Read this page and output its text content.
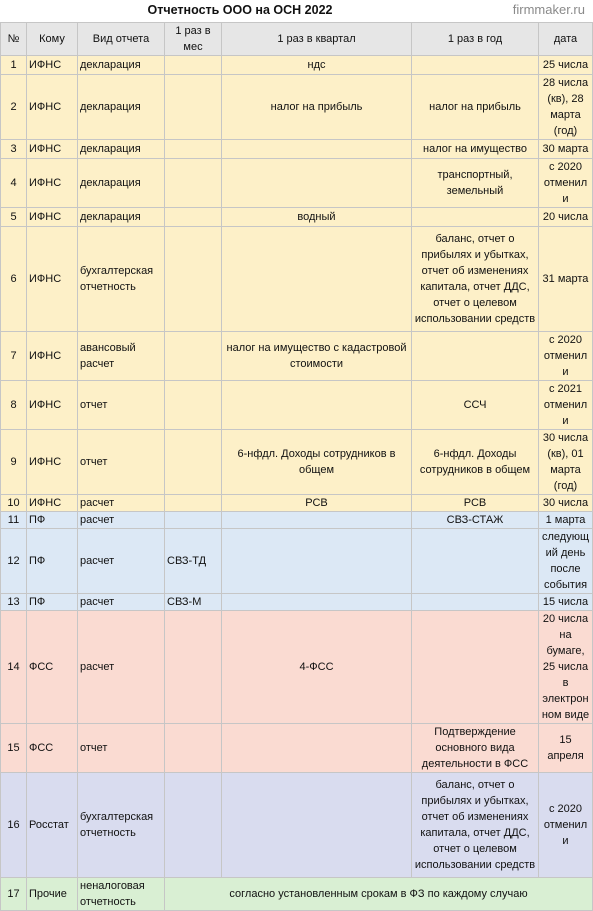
Отчетность ООО на ОСН 2022	firmmaker.ru
№	Кому	Вид отчета	1 раз в мес	1 раз в квартал	1 раз в год	дата
1	ИФНС	декларация		ндс		25 числа
2	ИФНС	декларация		налог на прибыль	налог на прибыль	28 числа (кв), 28 марта (год)
3	ИФНС	декларация			налог на имущество	30 марта
4	ИФНС	декларация			транспортный, земельный	с 2020 отменили
5	ИФНС	декларация		водный		20 числа
6	ИФНС	бухгалтерская отчетность			баланс, отчет о прибылях и убытках, отчет об изменениях капитала, отчет ДДС, отчет о целевом использовании средств	31 марта
7	ИФНС	авансовый расчет		налог на имущество с кадастровой стоимости		с 2020 отменили
8	ИФНС	отчет			ССЧ	с 2021 отменили
9	ИФНС	отчет		6-нфдл. Доходы сотрудников в общем	6-нфдл. Доходы сотрудников в общем	30 числа (кв), 01 марта (год)
10	ИФНС	расчет		РСВ	РСВ	30 числа
11	ПФ	расчет			СВЗ-СТАЖ	1 марта
12	ПФ	расчет	СВЗ-ТД			следующий день после события
13	ПФ	расчет	СВЗ-М			15 числа
14	ФСС	расчет		4-ФСС		20 числа на бумаге, 25 числа в электронном виде
15	ФСС	отчет			Подтверждение основного вида деятельности в ФСС	15 апреля
16	Росстат	бухгалтерская отчетность			баланс, отчет о прибылях и убытках, отчет об изменениях капитала, отчет ДДС, отчет о целевом использовании средств	с 2020 отменили
17	Прочие	неналоговая отчетность	согласно установленным срокам в ФЗ по каждому случаю			
